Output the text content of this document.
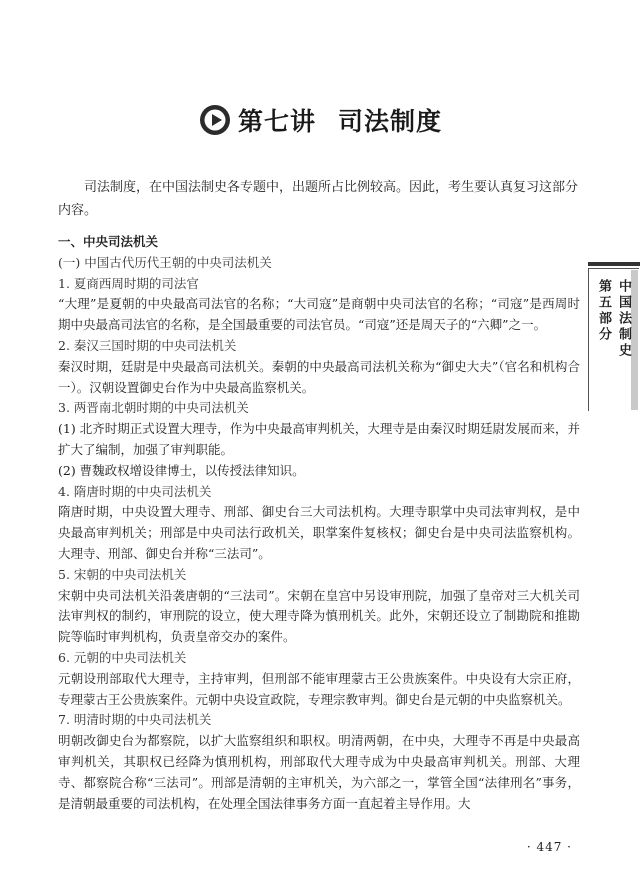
第七讲 司法制度

司法制度，在中国法制史各专题中，出题所占比例较高。因此，考生要认真复习这部分内容。

一、中央司法机关

(一) 中国古代历代王朝的中央司法机关

1. 夏商西周时期的司法官

“大理”是夏朝的中央最高司法官的名称；“大司寇”是商朝中央司法官的名称；“司寇”是西周时期中央最高司法官的名称，是全国最重要的司法官员。“司寇”还是周天子的“六卿”之一。

2. 秦汉三国时期的中央司法机关

秦汉时期，廷尉是中央最高司法机关。秦朝的中央最高司法机关称为“御史大夫”（官名和机构合一）。汉朝设置御史台作为中央最高监察机关。

3. 两晋南北朝时期的中央司法机关

(1) 北齐时期正式设置大理寺，作为中央最高审判机关，大理寺是由秦汉时期廷尉发展而来，并扩大了编制，加强了审判职能。

(2) 曹魏政权增设律博士，以传授法律知识。

4. 隋唐时期的中央司法机关

隋唐时期，中央设置大理寺、刑部、御史台三大司法机构。大理寺职掌中央司法审判权，是中央最高审判机关；刑部是中央司法行政机关，职掌案件复核权；御史台是中央司法监察机构。大理寺、刑部、御史台并称“三法司”。

5. 宋朝的中央司法机关

宋朝中央司法机关沿袭唐朝的“三法司”。宋朝在皇宫中另设审刑院，加强了皇帝对三大机关司法审判权的制约，审刑院的设立，使大理寺降为慎刑机关。此外，宋朝还设立了制勘院和推勘院等临时审判机构，负责皇帝交办的案件。

6. 元朝的中央司法机关

元朝设刑部取代大理寺，主持审判，但刑部不能审理蒙古王公贵族案件。中央设有大宗正府，专理蒙古王公贵族案件。元朝中央设宣政院，专理宗教审判。御史台是元朝的中央监察机关。

7. 明清时期的中央司法机关

明朝改御史台为都察院，以扩大监察组织和职权。明清两朝，在中央，大理寺不再是中央最高审判机关，其职权已经降为慎刑机构，刑部取代大理寺成为中央最高审判机关。刑部、大理寺、都察院合称“三法司”。刑部是清朝的主审机关，为六部之一，掌管全国“法律刑名”事务，是清朝最重要的司法机构，在处理全国法律事务方面一直起着主导作用。大

第五部分 中国法制史
· 447 ·
